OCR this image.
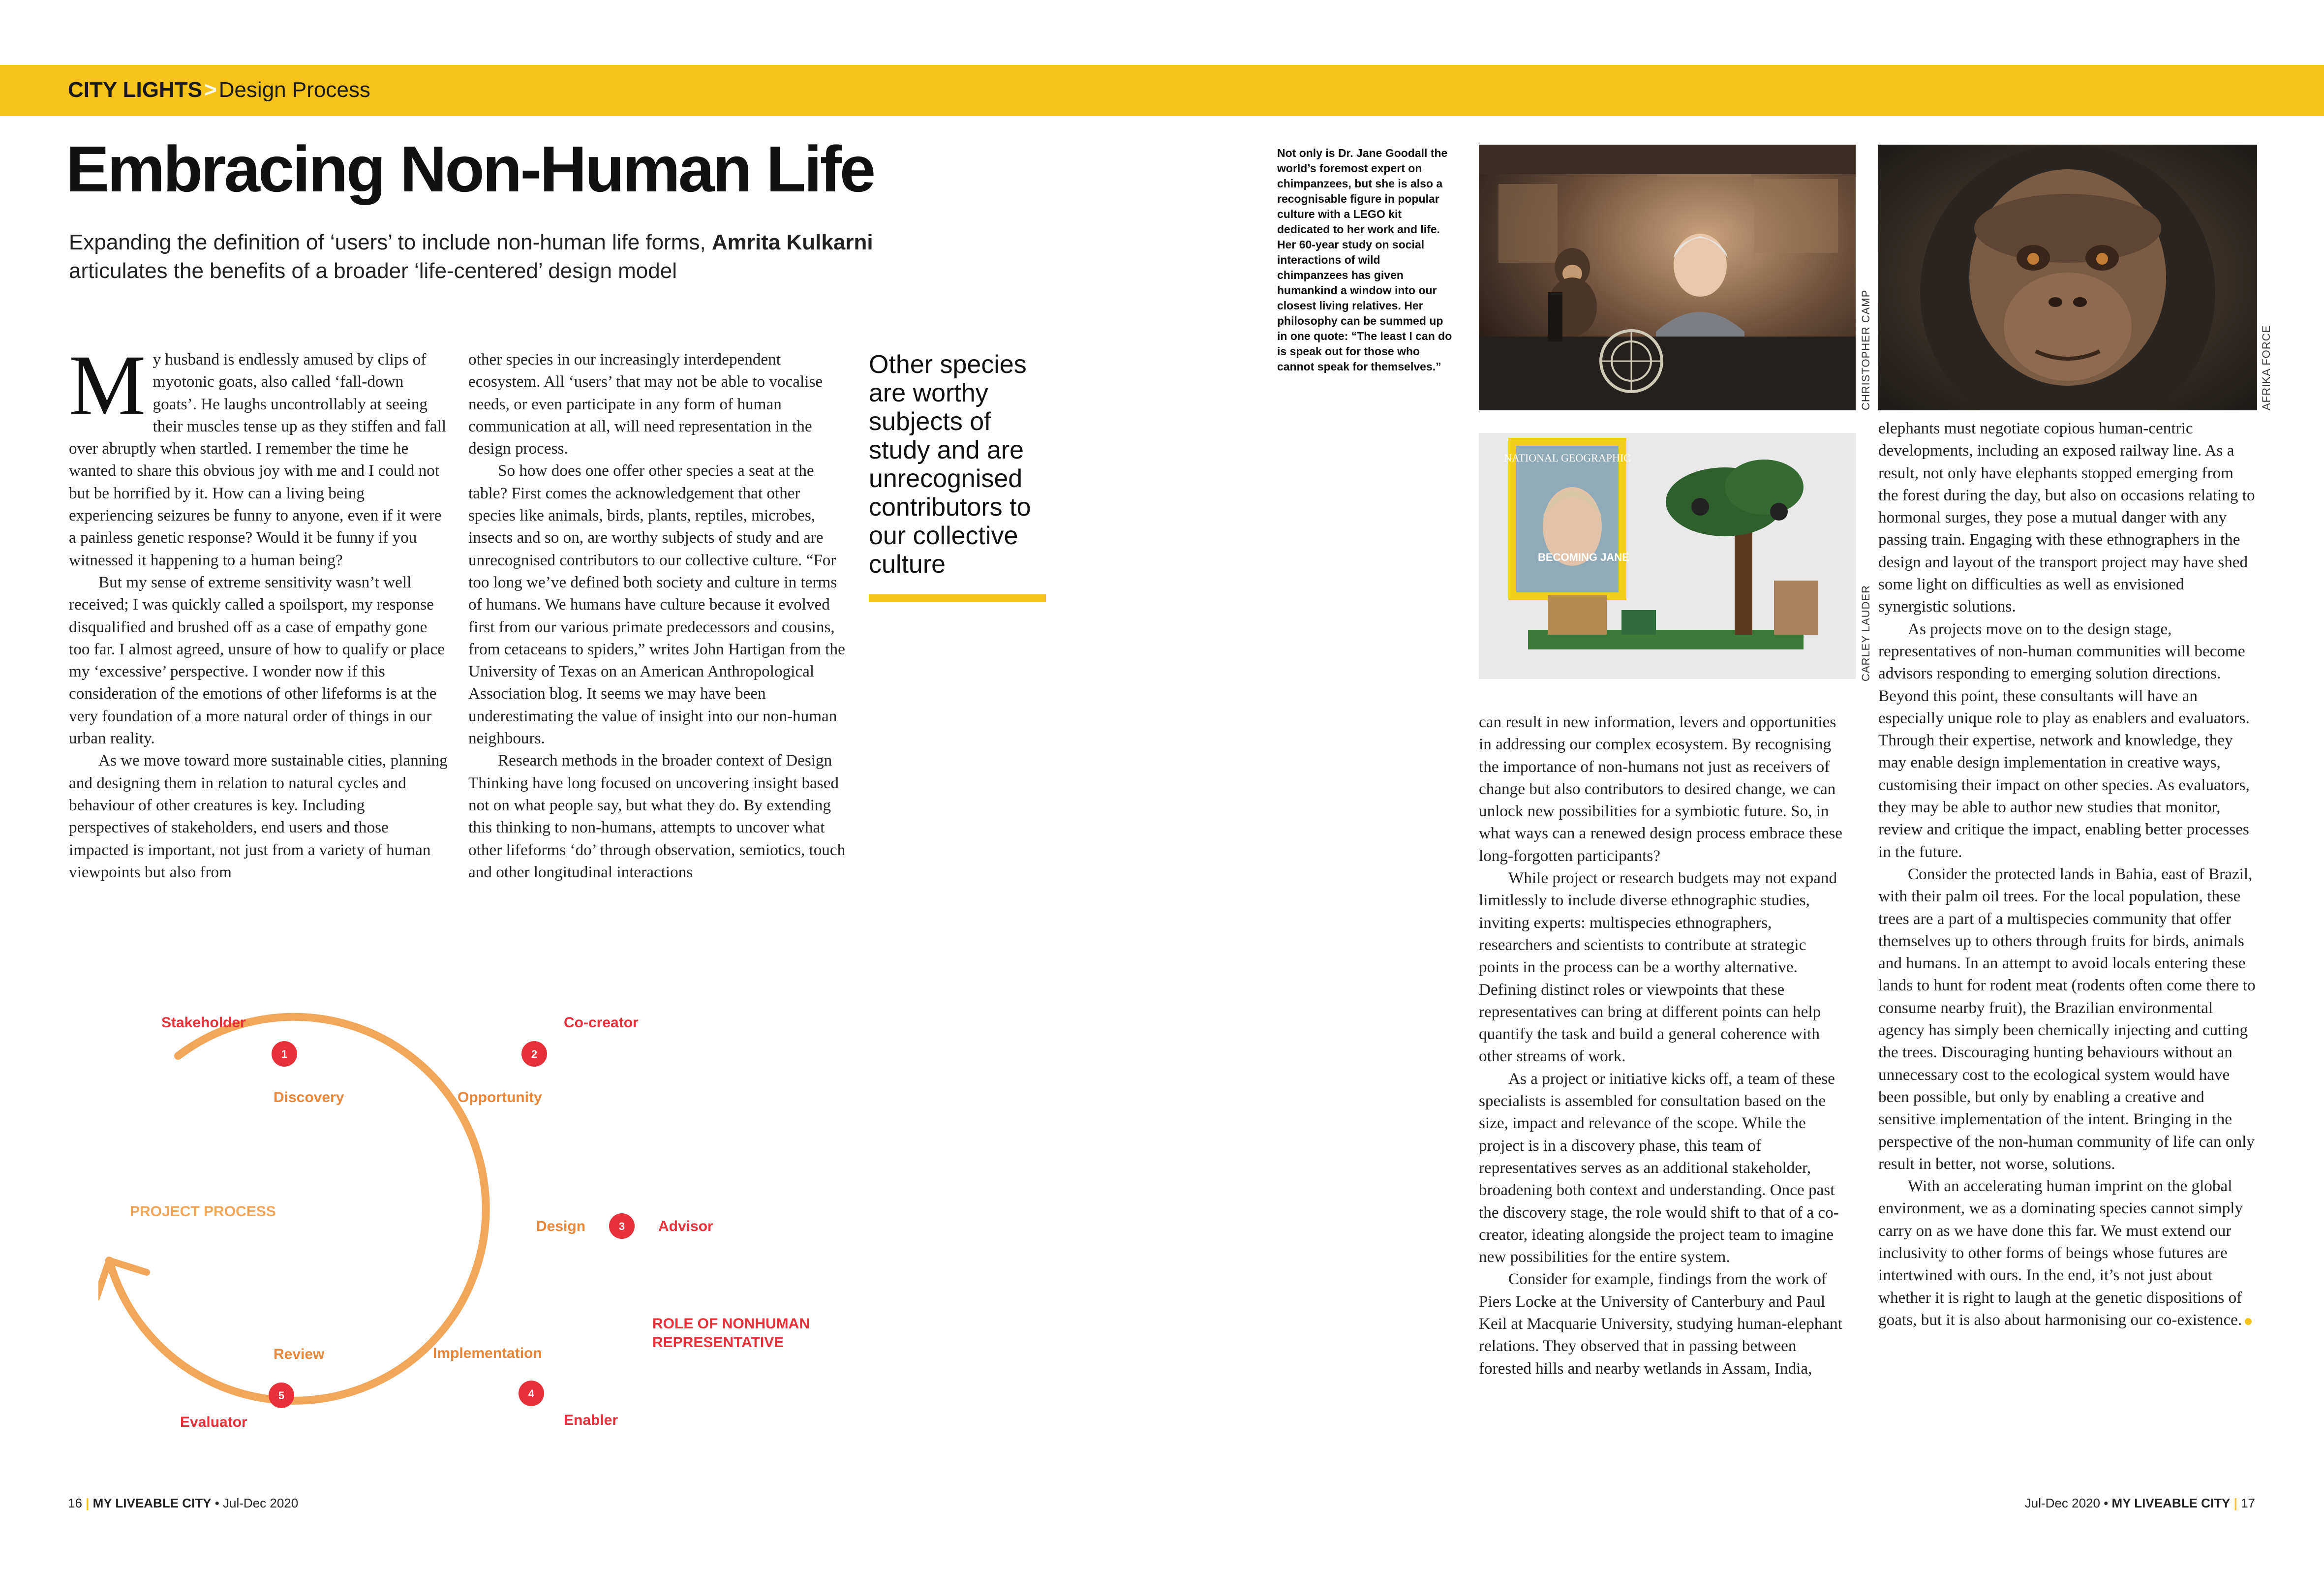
CITY LIGHTS>Design Process
Embracing Non-Human Life
Expanding the definition of ‘users’ to include non-human life forms, Amrita Kulkarni articulates the benefits of a broader ‘life-centered’ design model

My husband is endlessly amused by clips of myotonic goats, also called ‘fall-down goats’. He laughs uncontrollably at seeing their muscles tense up as they stiffen and fall over abruptly when startled. I remember the time he wanted to share this obvious joy with me and I could not but be horrified by it. How can a living being experiencing seizures be funny to anyone, even if it were a painless genetic response? Would it be funny if you witnessed it happening to a human being?

But my sense of extreme sensitivity wasn’t well received; I was quickly called a spoilsport, my response disqualified and brushed off as a case of empathy gone too far. I almost agreed, unsure of how to qualify or place my ‘excessive’ perspective. I wonder now if this consideration of the emotions of other lifeforms is at the very foundation of a more natural order of things in our urban reality.

As we move toward more sustainable cities, planning and designing them in relation to natural cycles and behaviour of other creatures is key. Including perspectives of stakeholders, end users and those impacted is important, not just from a variety of human viewpoints but also from

other species in our increasingly interdependent ecosystem. All ‘users’ that may not be able to vocalise needs, or even participate in any form of human communication at all, will need representation in the design process.

So how does one offer other species a seat at the table? First comes the acknowledgement that other species like animals, birds, plants, reptiles, microbes, insects and so on, are worthy subjects of study and are unrecognised contributors to our collective culture. “For too long we’ve defined both society and culture in terms of humans. We humans have culture because it evolved first from our various primate predecessors and cousins, from cetaceans to spiders,” writes John Hartigan from the University of Texas on an American Anthropological Association blog. It seems we may have been underestimating the value of insight into our non-human neighbours.

Research methods in the broader context of Design Thinking have long focused on uncovering insight based not on what people say, but what they do. By extending this thinking to non-humans, attempts to uncover what other lifeforms ‘do’ through observation, semiotics, touch and other longitudinal interactions

can result in new information, levers and opportunities in addressing our complex ecosystem. By recognising the importance of non-humans not just as receivers of change but also contributors to desired change, we can unlock new possibilities for a symbiotic future. So, in what ways can a renewed design process embrace these long-forgotten participants?

While project or research budgets may not expand limitlessly to include diverse ethnographic studies, inviting experts: multispecies ethnographers, researchers and scientists to contribute at strategic points in the process can be a worthy alternative. Defining distinct roles or viewpoints that these representatives can bring at different points can help quantify the task and build a general coherence with other streams of work.

As a project or initiative kicks off, a team of these specialists is assembled for consultation based on the size, impact and relevance of the scope. While the project is in a discovery phase, this team of representatives serves as an additional stakeholder, broadening both context and understanding. Once past the discovery stage, the role would shift to that of a co-creator, ideating alongside the project team to imagine new possibilities for the entire system.

Consider for example, findings from the work of Piers Locke at the University of Canterbury and Paul Keil at Macquarie University, studying human-elephant relations. They observed that in passing between forested hills and nearby wetlands in Assam, India,

elephants must negotiate copious human-centric developments, including an exposed railway line. As a result, not only have elephants stopped emerging from the forest during the day, but also on occasions relating to hormonal surges, they pose a mutual danger with any passing train. Engaging with these ethnographers in the design and layout of the transport project may have shed some light on difficulties as well as envisioned synergistic solutions.

As projects move on to the design stage, representatives of non-human communities will become advisors responding to emerging solution directions. Beyond this point, these consultants will have an especially unique role to play as enablers and evaluators. Through their expertise, network and knowledge, they may enable design implementation in creative ways, customising their impact on other species. As evaluators, they may be able to author new studies that monitor, review and critique the impact, enabling better processes in the future.

Consider the protected lands in Bahia, east of Brazil, with their palm oil trees. For the local population, these trees are a part of a multispecies community that offer themselves up to others through fruits for birds, animals and humans. In an attempt to avoid locals entering these lands to hunt for rodent meat (rodents often come there to consume nearby fruit), the Brazilian environmental agency has simply been chemically injecting and cutting the trees. Discouraging hunting behaviours without an unnecessary cost to the ecological system would have been possible, but only by enabling a creative and sensitive implementation of the intent. Bringing in the perspective of the non-human community of life can only result in better, not worse, solutions.

With an accelerating human imprint on the global environment, we as a dominating species cannot simply carry on as we have done this far. We must extend our inclusivity to other forms of beings whose futures are intertwined with ours. In the end, it’s not just about whether it is right to laugh at the genetic dispositions of goats, but it is also about harmonising our co-existence.

Other species are worthy subjects of study and are unrecognised contributors to our collective culture
Not only is Dr. Jane Goodall the world’s foremost expert on chimpanzees, but she is also a recognisable figure in popular culture with a LEGO kit dedicated to her work and life. Her 60-year study on social interactions of wild chimpanzees has given humankind a window into our closest living relatives. Her philosophy can be summed up in one quote: “The least I can do is speak out for those who cannot speak for themselves.”	CHRISTOPHER CAMP	AFRIKA FORCE
NATIONAL GEOGRAPHIC
BECOMING JANE
CARLEY LAUDER
1
Stakeholder
Discovery
2
Co-creator
Opportunity
3 Advisor
Design
4
Enabler
Implementation
5
Evaluator
Review
PROJECT PROCESS
ROLE OF NONHUMAN
REPRESENTATIVE
16 | MY LIVEABLE CITY • Jul-Dec 2020	Jul-Dec 2020 • MY LIVEABLE CITY | 17
